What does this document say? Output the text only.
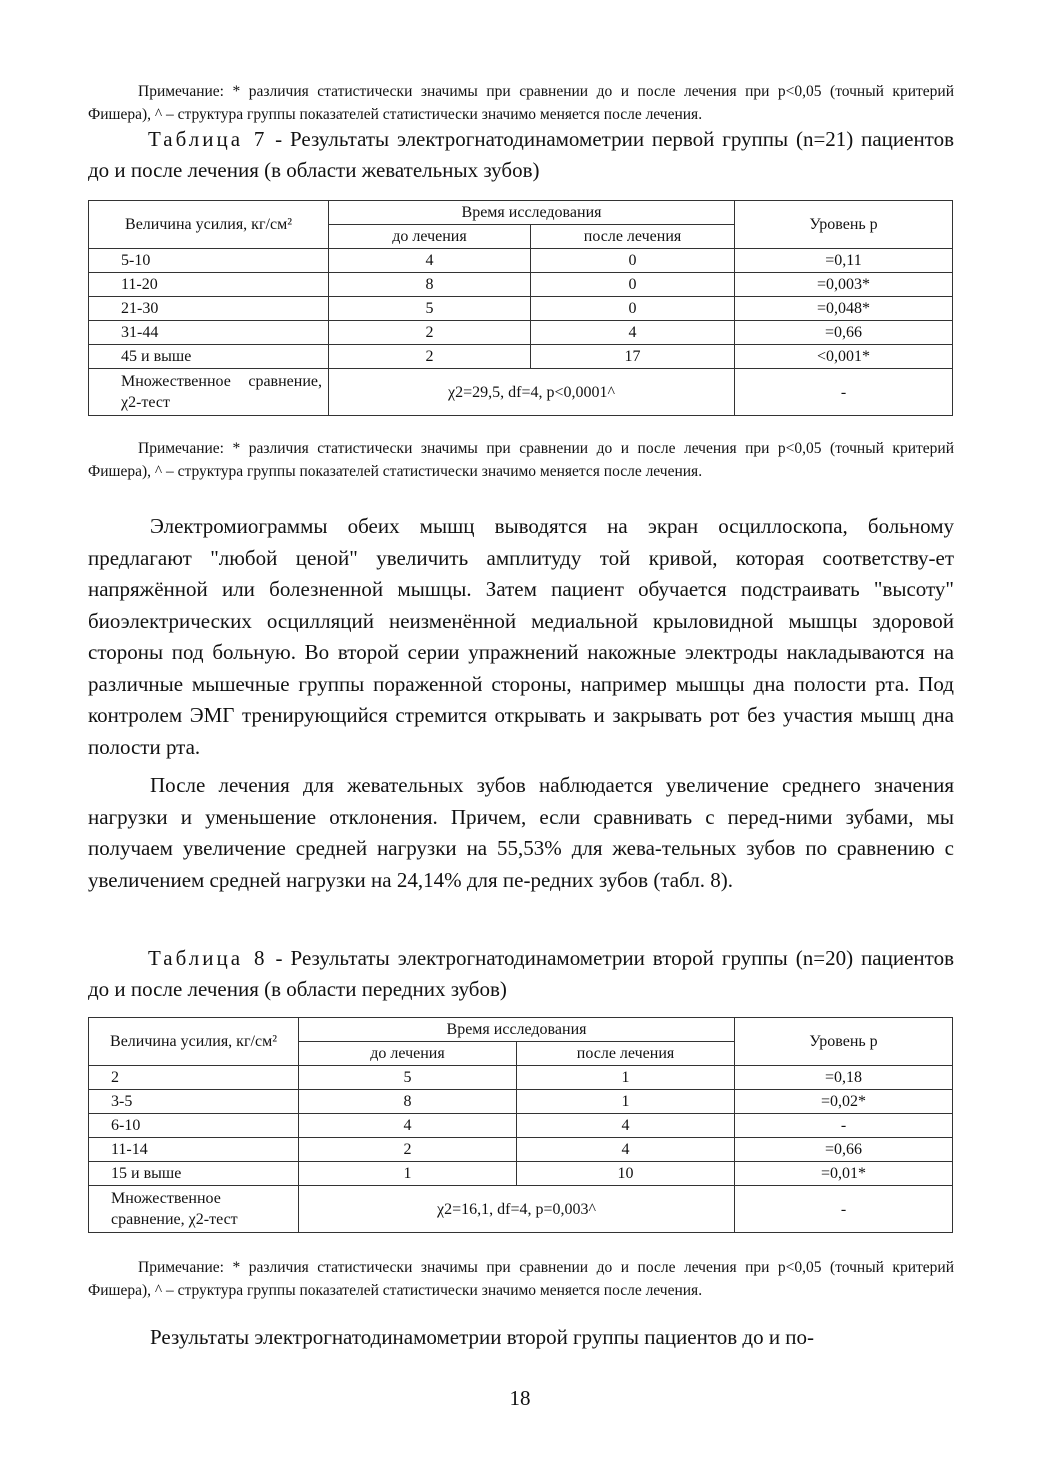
Примечание: * различия статистически значимы при сравнении до и после лечения при p<0,05 (точный критерий Фишера), ^ – структура группы показателей статистически значимо меняется после лечения.

Таблица 7 - Результаты электрогнатодинамометрии первой группы (n=21) пациентов до и после лечения (в области жевательных зубов)

Величина усилия, кг/см²	Время исследования		Уровень p
	до лечения	после лечения	
5-10	4	0	=0,11
11-20	8	0	=0,003*
21-30	5	0	=0,048*
31-44	2	4	=0,66
45 и выше	2	17	<0,001*
Множественное сравнение, χ2-тест	χ2=29,5, df=4, p<0,0001^		-

Примечание: * различия статистически значимы при сравнении до и после лечения при p<0,05 (точный критерий Фишера), ^ – структура группы показателей статистически значимо меняется после лечения.

Электромиограммы обеих мышц выводятся на экран осциллоскопа, больному предлагают "любой ценой" увеличить амплитуду той кривой, которая соответству-ет напряжённой или болезненной мышцы. Затем пациент обучается подстраивать "высоту" биоэлектрических осцилляций неизменённой медиальной крыловидной мышцы здоровой стороны под больную. Во второй серии упражнений накожные электроды накладываются на различные мышечные группы пораженной стороны, например мышцы дна полости рта. Под контролем ЭМГ тренирующийся стремится открывать и закрывать рот без участия мышц дна полости рта.

После лечения для жевательных зубов наблюдается увеличение среднего значения нагрузки и уменьшение отклонения. Причем, если сравнивать с перед-ними зубами, мы получаем увеличение средней нагрузки на 55,53% для жева-тельных зубов по сравнению с увеличением средней нагрузки на 24,14% для пе-редних зубов (табл. 8).

Таблица 8 - Результаты электрогнатодинамометрии второй группы (n=20) пациентов до и после лечения (в области передних зубов)

Величина усилия, кг/см²	Время исследования		Уровень p
	до лечения	после лечения	
2	5	1	=0,18
3-5	8	1	=0,02*
6-10	4	4	-
11-14	2	4	=0,66
15 и выше	1	10	=0,01*
Множественное сравнение, χ2-тест	χ2=16,1, df=4, p=0,003^		-

Примечание: * различия статистически значимы при сравнении до и после лечения при p<0,05 (точный критерий Фишера), ^ – структура группы показателей статистически значимо меняется после лечения.

Результаты электрогнатодинамометрии второй группы пациентов до и по-

18
